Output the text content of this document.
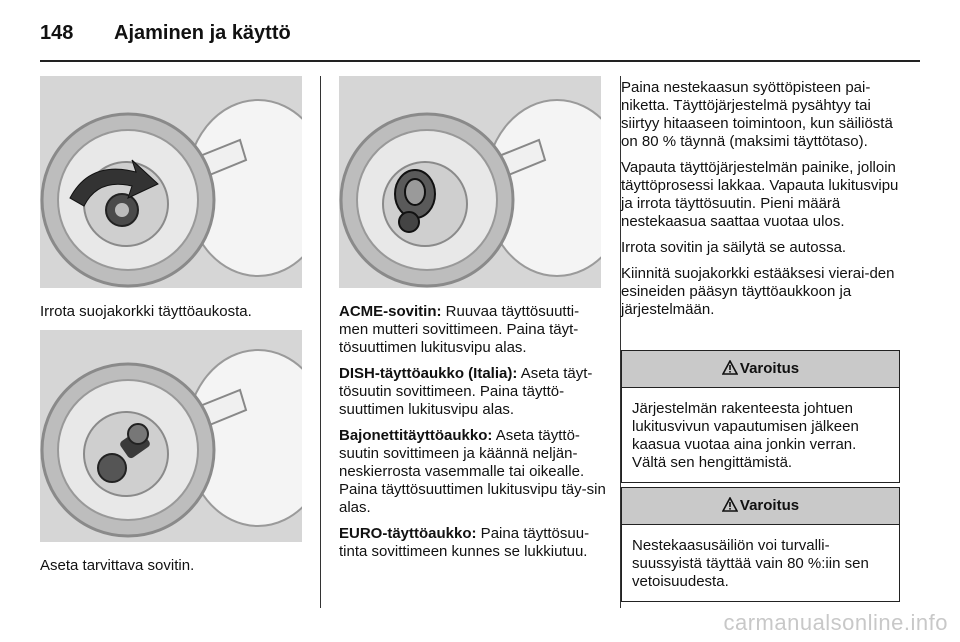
148 Ajaminen ja käyttö
Irrota suojakorkki täyttöaukosta.
Aseta tarvittava sovitin.

ACME-sovitin: Ruuvaa täyttösuutti-men mutteri sovittimeen. Paina täyt-tösuuttimen lukitusvipu alas.

DISH-täyttöaukko (Italia): Aseta täyt-tösuutin sovittimeen. Paina täyttö-suuttimen lukitusvipu alas.

Bajonettitäyttöaukko: Aseta täyttö-suutin sovittimeen ja käännä neljän-neskierrosta vasemmalle tai oikealle. Paina täyttösuuttimen lukitusvipu täy-sin alas.

EURO-täyttöaukko: Paina täyttösuu-tinta sovittimeen kunnes se lukkiutuu.

Paina nestekaasun syöttöpisteen pai-niketta. Täyttöjärjestelmä pysähtyy tai siirtyy hitaaseen toimintoon, kun säiliöstä on 80 % täynnä (maksimi täyttötaso).

Vapauta täyttöjärjestelmän painike, jolloin täyttöprosessi lakkaa. Vapauta lukitusvipu ja irrota täyttösuutin. Pieni määrä nestekaasua saattaa vuotaa ulos.

Irrota sovitin ja säilytä se autossa.

Kiinnitä suojakorkki estääksesi vierai-den esineiden pääsyn täyttöaukkoon ja järjestelmään.

Varoitus
Järjestelmän rakenteesta johtuen lukitusvivun vapautumisen jälkeen kaasua vuotaa aina jonkin verran. Vältä sen hengittämistä.
Varoitus
Nestekaasusäiliön voi turvalli-suussyistä täyttää vain 80 %:iin sen vetoisuudesta.
carmanualsonline.info
